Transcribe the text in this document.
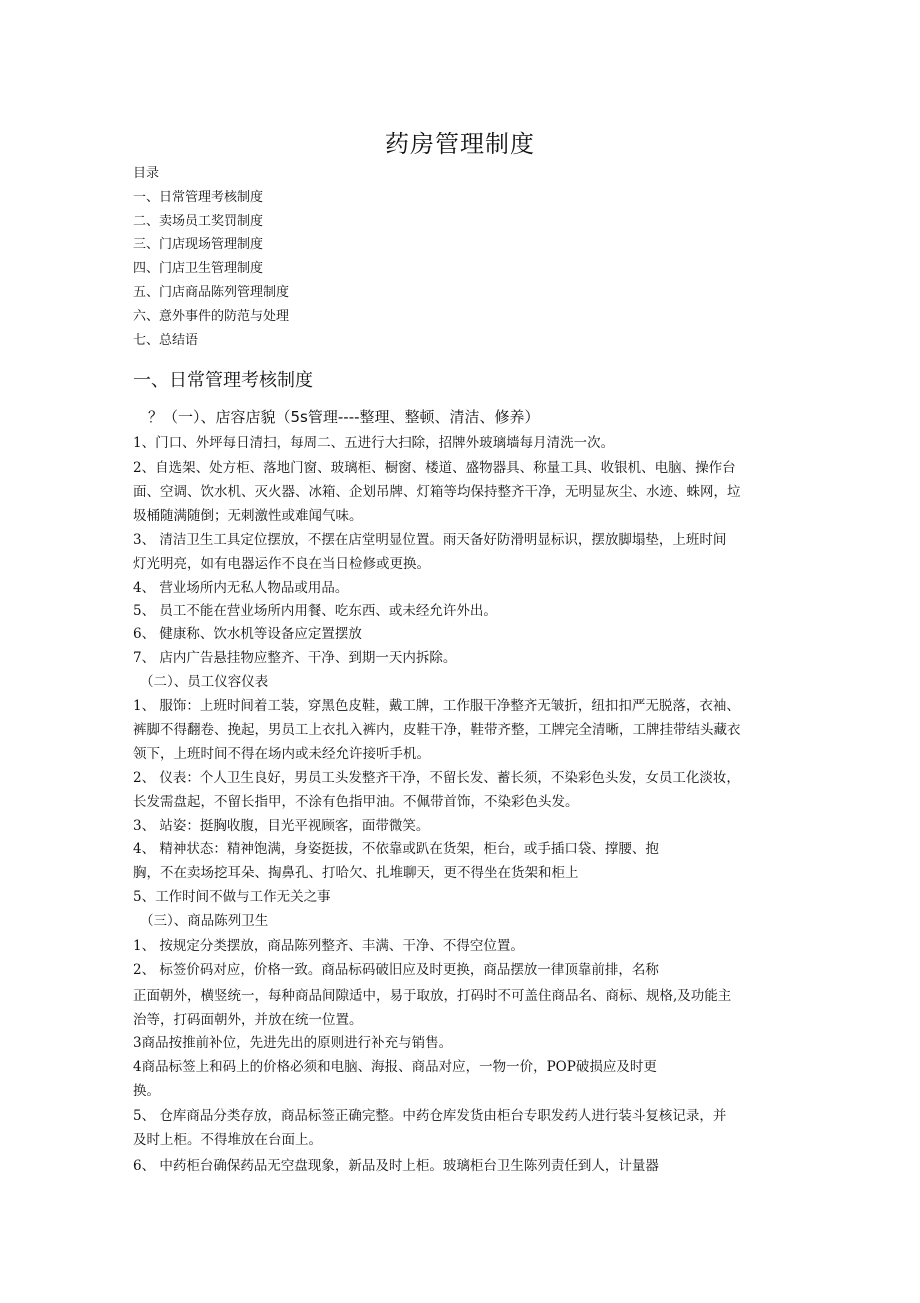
药房管理制度
目录
一、日常管理考核制度
二、卖场员工奖罚制度
三、门店现场管理制度
四、门店卫生管理制度
五、门店商品陈列管理制度
六、意外事件的防范与处理
七、总结语
一、日常管理考核制度
？（一）、店容店貌（5s管理----整理、整顿、清洁、修养）
1、门口、外坪每日清扫，每周二、五进行大扫除，招牌外玻璃墙每月清洗一次。
2、自选架、处方柜、落地门窗、玻璃柜、橱窗、楼道、盛物器具、称量工具、收银机、电脑、操作台
面、空调、饮水机、灭火器、冰箱、企划吊牌、灯箱等均保持整齐干净，无明显灰尘、水迹、蛛网，垃
圾桶随满随倒；无刺激性或难闻气味。
3、 清洁卫生工具定位摆放，不摆在店堂明显位置。雨天备好防滑明显标识，摆放脚塌垫，上班时间
灯光明亮，如有电器运作不良在当日检修或更换。
4、 营业场所内无私人物品或用品。
5、 员工不能在营业场所内用餐、吃东西、或未经允许外出。
6、 健康称、饮水机等设备应定置摆放
7、 店内广告悬挂物应整齐、干净、到期一天内拆除。
（二）、员工仪容仪表
1、 服饰：上班时间着工装，穿黑色皮鞋，戴工牌，工作服干净整齐无皱折，纽扣扣严无脱落，衣袖、
裤脚不得翻卷、挽起，男员工上衣扎入裤内，皮鞋干净，鞋带齐整，工牌完全清晰，工牌挂带结头藏衣
领下，上班时间不得在场内或未经允许接听手机。
2、 仪表：个人卫生良好，男员工头发整齐干净，不留长发、蓄长须，不染彩色头发，女员工化淡妆，
长发需盘起，不留长指甲，不涂有色指甲油。不佩带首饰，不染彩色头发。
3、 站姿：挺胸收腹，目光平视顾客，面带微笑。
4、 精神状态：精神饱满，身姿挺拔，不依靠或趴在货架，柜台，或手插口袋、撑腰、抱
胸，不在卖场挖耳朵、掏鼻孔、打哈欠、扎堆聊天，更不得坐在货架和柜上
5、工作时间不做与工作无关之事
（三）、商品陈列卫生
1、 按规定分类摆放，商品陈列整齐、丰满、干净、不得空位置。
2、 标签价码对应，价格一致。商品标码破旧应及时更换，商品摆放一律顶靠前排，名称
正面朝外，横竖统一，每种商品间隙适中，易于取放，打码时不可盖住商品名、商标、规格,及功能主
治等，打码面朝外，并放在统一位置。
3商品按推前补位，先进先出的原则进行补充与销售。
4商品标签上和码上的价格必须和电脑、海报、商品对应，一物一价，POP破损应及时更
换。
5、 仓库商品分类存放，商品标签正确完整。中药仓库发货由柜台专职发药人进行装斗复核记录，并
及时上柜。不得堆放在台面上。
6、 中药柜台确保药品无空盘现象，新品及时上柜。玻璃柜台卫生陈列责任到人，计量器
